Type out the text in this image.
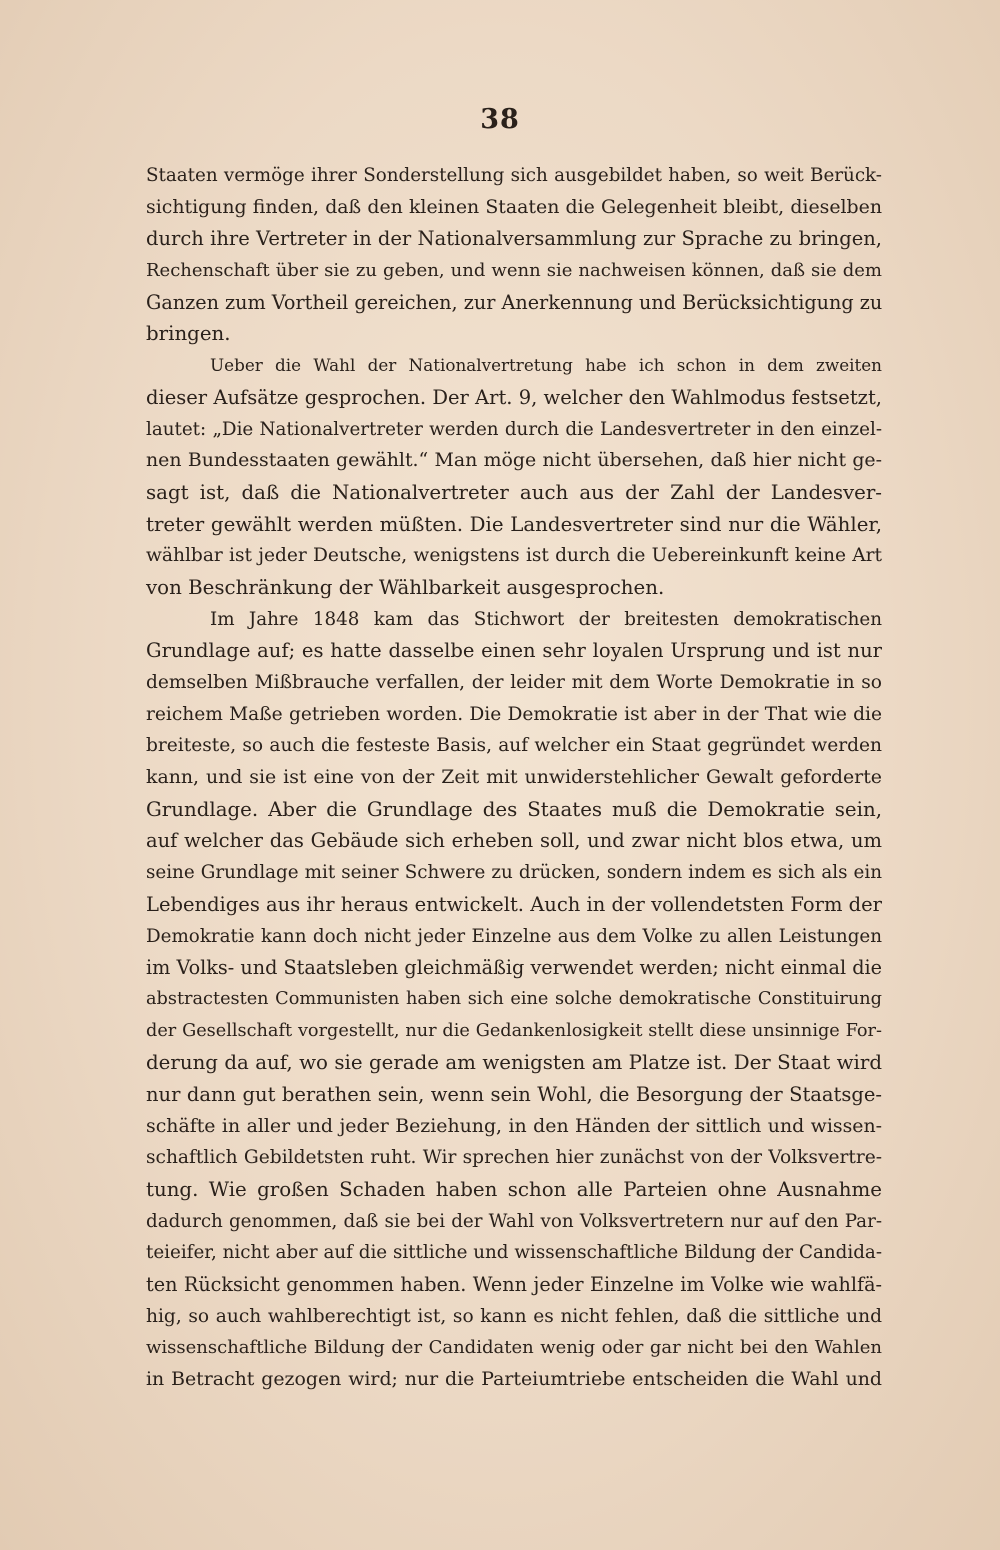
38
Staaten vermöge ihrer Sonderstellung sich ausgebildet haben, so weit Berück-
sichtigung finden, daß den kleinen Staaten die Gelegenheit bleibt, dieselben
durch ihre Vertreter in der Nationalversammlung zur Sprache zu bringen,
Rechenschaft über sie zu geben, und wenn sie nachweisen können, daß sie dem
Ganzen zum Vortheil gereichen, zur Anerkennung und Berücksichtigung zu
bringen.
Ueber die Wahl der Nationalvertretung habe ich schon in dem zweiten
dieser Aufsätze gesprochen. Der Art. 9, welcher den Wahlmodus festsetzt,
lautet: „Die Nationalvertreter werden durch die Landesvertreter in den einzel-
nen Bundesstaaten gewählt.“ Man möge nicht übersehen, daß hier nicht ge-
sagt ist, daß die Nationalvertreter auch aus der Zahl der Landesver-
treter gewählt werden müßten. Die Landesvertreter sind nur die Wähler,
wählbar ist jeder Deutsche, wenigstens ist durch die Uebereinkunft keine Art
von Beschränkung der Wählbarkeit ausgesprochen.
Im Jahre 1848 kam das Stichwort der breitesten demokratischen
Grundlage auf; es hatte dasselbe einen sehr loyalen Ursprung und ist nur
demselben Mißbrauche verfallen, der leider mit dem Worte Demokratie in so
reichem Maße getrieben worden. Die Demokratie ist aber in der That wie die
breiteste, so auch die festeste Basis, auf welcher ein Staat gegründet werden
kann, und sie ist eine von der Zeit mit unwiderstehlicher Gewalt geforderte
Grundlage. Aber die Grundlage des Staates muß die Demokratie sein,
auf welcher das Gebäude sich erheben soll, und zwar nicht blos etwa, um
seine Grundlage mit seiner Schwere zu drücken, sondern indem es sich als ein
Lebendiges aus ihr heraus entwickelt. Auch in der vollendetsten Form der
Demokratie kann doch nicht jeder Einzelne aus dem Volke zu allen Leistungen
im Volks- und Staatsleben gleichmäßig verwendet werden; nicht einmal die
abstractesten Communisten haben sich eine solche demokratische Constituirung
der Gesellschaft vorgestellt, nur die Gedankenlosigkeit stellt diese unsinnige For-
derung da auf, wo sie gerade am wenigsten am Platze ist. Der Staat wird
nur dann gut berathen sein, wenn sein Wohl, die Besorgung der Staatsge-
schäfte in aller und jeder Beziehung, in den Händen der sittlich und wissen-
schaftlich Gebildetsten ruht. Wir sprechen hier zunächst von der Volksvertre-
tung. Wie großen Schaden haben schon alle Parteien ohne Ausnahme
dadurch genommen, daß sie bei der Wahl von Volksvertretern nur auf den Par-
teieifer, nicht aber auf die sittliche und wissenschaftliche Bildung der Candida-
ten Rücksicht genommen haben. Wenn jeder Einzelne im Volke wie wahlfä-
hig, so auch wahlberechtigt ist, so kann es nicht fehlen, daß die sittliche und
wissenschaftliche Bildung der Candidaten wenig oder gar nicht bei den Wahlen
in Betracht gezogen wird; nur die Parteiumtriebe entscheiden die Wahl und
